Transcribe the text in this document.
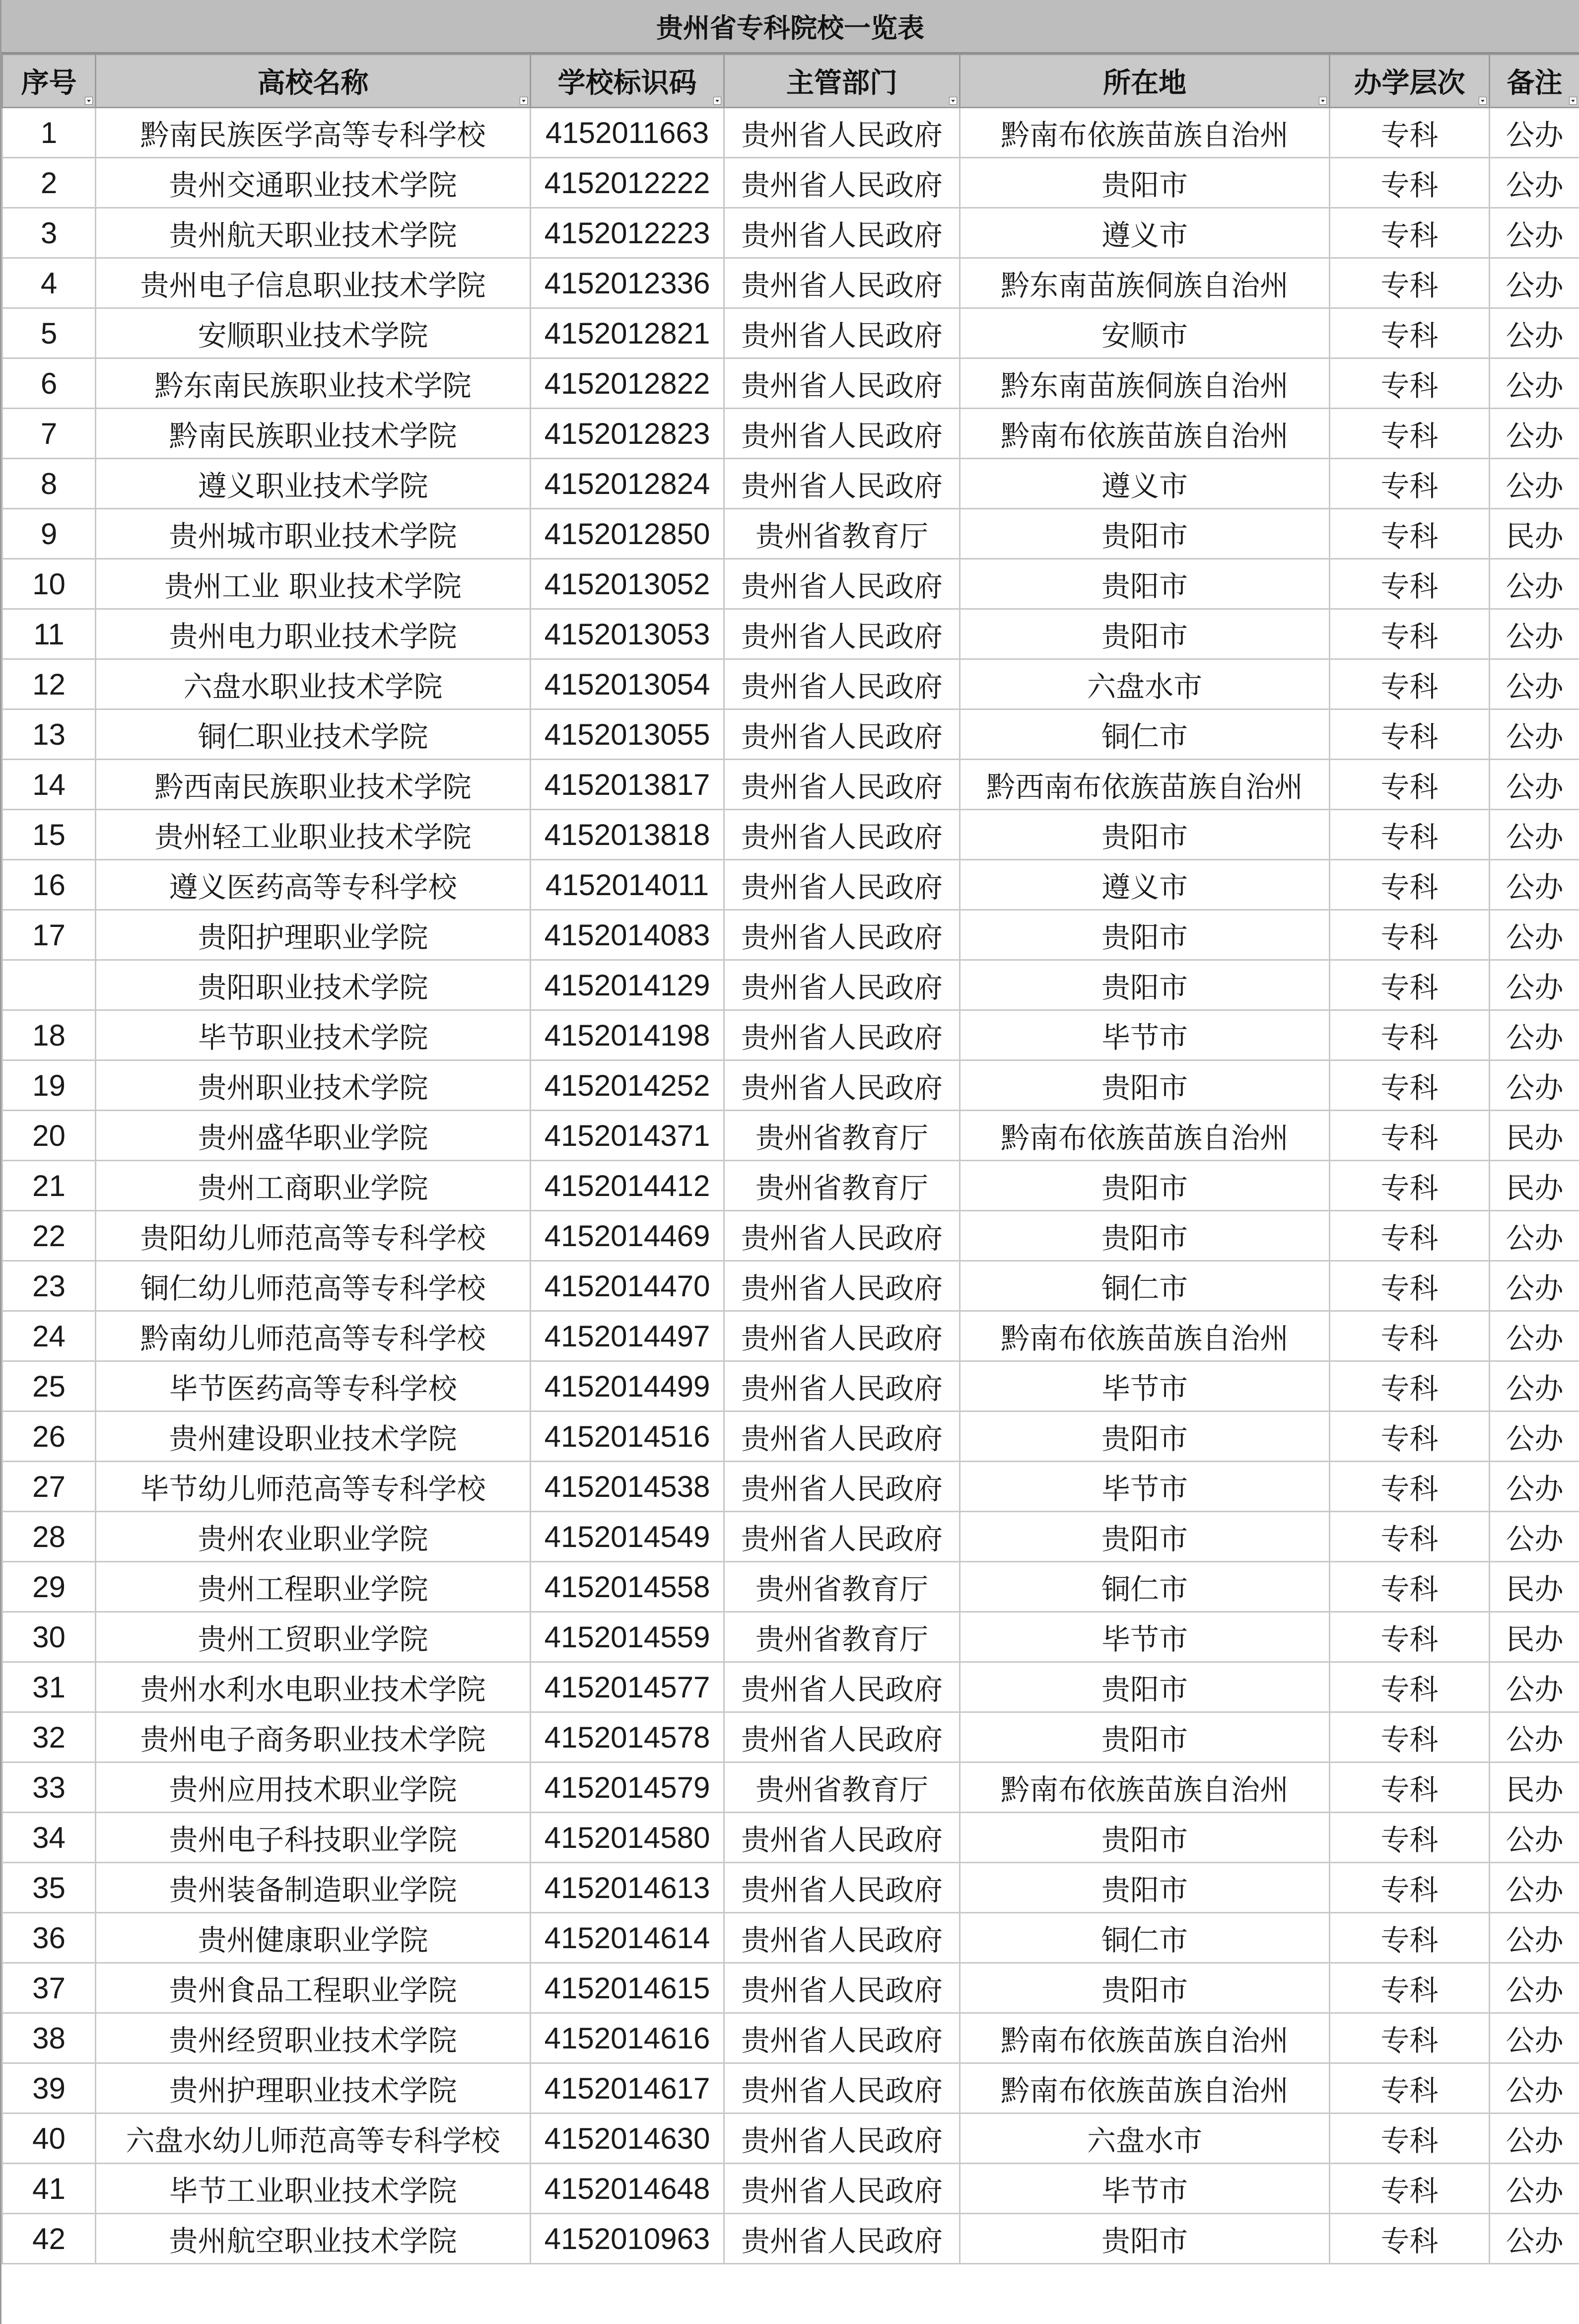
贵州省专科院校一览表
序号	高校名称	学校标识码	主管部门	所在地	办学层次	备注

1	黔南民族医学高等专科学校	4152011663	贵州省人民政府	黔南布依族苗族自治州	专科	公办
2	贵州交通职业技术学院	4152012222	贵州省人民政府	贵阳市	专科	公办
3	贵州航天职业技术学院	4152012223	贵州省人民政府	遵义市	专科	公办
4	贵州电子信息职业技术学院	4152012336	贵州省人民政府	黔东南苗族侗族自治州	专科	公办
5	安顺职业技术学院	4152012821	贵州省人民政府	安顺市	专科	公办
6	黔东南民族职业技术学院	4152012822	贵州省人民政府	黔东南苗族侗族自治州	专科	公办
7	黔南民族职业技术学院	4152012823	贵州省人民政府	黔南布依族苗族自治州	专科	公办
8	遵义职业技术学院	4152012824	贵州省人民政府	遵义市	专科	公办
9	贵州城市职业技术学院	4152012850	贵州省教育厅	贵阳市	专科	民办
10	贵州工业 职业技术学院	4152013052	贵州省人民政府	贵阳市	专科	公办
11	贵州电力职业技术学院	4152013053	贵州省人民政府	贵阳市	专科	公办
12	六盘水职业技术学院	4152013054	贵州省人民政府	六盘水市	专科	公办
13	铜仁职业技术学院	4152013055	贵州省人民政府	铜仁市	专科	公办
14	黔西南民族职业技术学院	4152013817	贵州省人民政府	黔西南布依族苗族自治州	专科	公办
15	贵州轻工业职业技术学院	4152013818	贵州省人民政府	贵阳市	专科	公办
16	遵义医药高等专科学校	4152014011	贵州省人民政府	遵义市	专科	公办
17	贵阳护理职业学院	4152014083	贵州省人民政府	贵阳市	专科	公办
	贵阳职业技术学院	4152014129	贵州省人民政府	贵阳市	专科	公办
18	毕节职业技术学院	4152014198	贵州省人民政府	毕节市	专科	公办
19	贵州职业技术学院	4152014252	贵州省人民政府	贵阳市	专科	公办
20	贵州盛华职业学院	4152014371	贵州省教育厅	黔南布依族苗族自治州	专科	民办
21	贵州工商职业学院	4152014412	贵州省教育厅	贵阳市	专科	民办
22	贵阳幼儿师范高等专科学校	4152014469	贵州省人民政府	贵阳市	专科	公办
23	铜仁幼儿师范高等专科学校	4152014470	贵州省人民政府	铜仁市	专科	公办
24	黔南幼儿师范高等专科学校	4152014497	贵州省人民政府	黔南布依族苗族自治州	专科	公办
25	毕节医药高等专科学校	4152014499	贵州省人民政府	毕节市	专科	公办
26	贵州建设职业技术学院	4152014516	贵州省人民政府	贵阳市	专科	公办
27	毕节幼儿师范高等专科学校	4152014538	贵州省人民政府	毕节市	专科	公办
28	贵州农业职业学院	4152014549	贵州省人民政府	贵阳市	专科	公办
29	贵州工程职业学院	4152014558	贵州省教育厅	铜仁市	专科	民办
30	贵州工贸职业学院	4152014559	贵州省教育厅	毕节市	专科	民办
31	贵州水利水电职业技术学院	4152014577	贵州省人民政府	贵阳市	专科	公办
32	贵州电子商务职业技术学院	4152014578	贵州省人民政府	贵阳市	专科	公办
33	贵州应用技术职业学院	4152014579	贵州省教育厅	黔南布依族苗族自治州	专科	民办
34	贵州电子科技职业学院	4152014580	贵州省人民政府	贵阳市	专科	公办
35	贵州装备制造职业学院	4152014613	贵州省人民政府	贵阳市	专科	公办
36	贵州健康职业学院	4152014614	贵州省人民政府	铜仁市	专科	公办
37	贵州食品工程职业学院	4152014615	贵州省人民政府	贵阳市	专科	公办
38	贵州经贸职业技术学院	4152014616	贵州省人民政府	黔南布依族苗族自治州	专科	公办
39	贵州护理职业技术学院	4152014617	贵州省人民政府	黔南布依族苗族自治州	专科	公办
40	六盘水幼儿师范高等专科学校	4152014630	贵州省人民政府	六盘水市	专科	公办
41	毕节工业职业技术学院	4152014648	贵州省人民政府	毕节市	专科	公办
42	贵州航空职业技术学院	4152010963	贵州省人民政府	贵阳市	专科	公办
